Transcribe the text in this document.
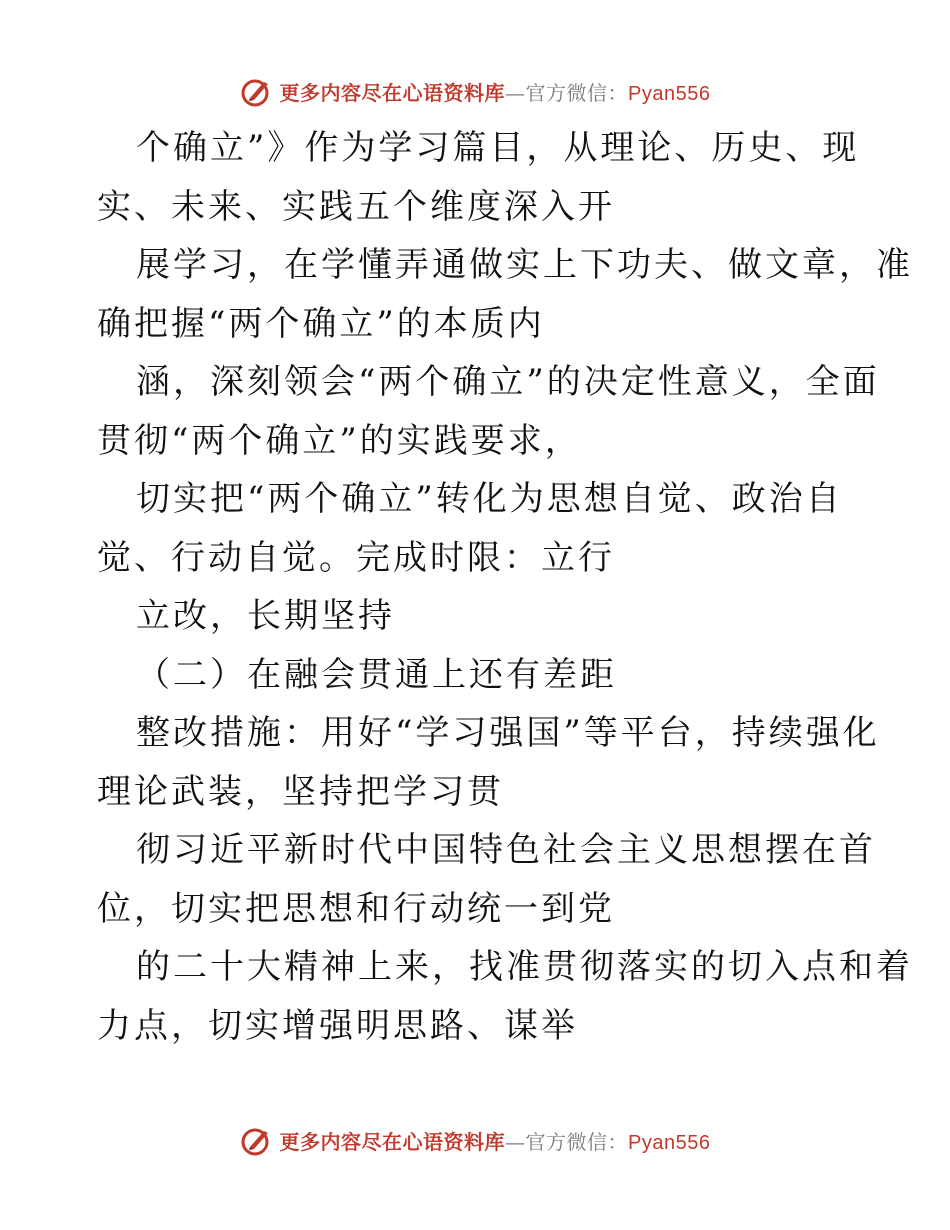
更多内容尽在心语资料库—官方微信：Pyan556
个确立”》作为学习篇目，从理论、历史、现
实、未来、实践五个维度深入开
展学习，在学懂弄通做实上下功夫、做文章，准
确把握“两个确立”的本质内
涵，深刻领会“两个确立”的决定性意义，全面
贯彻“两个确立”的实践要求，
切实把“两个确立”转化为思想自觉、政治自
觉、行动自觉。完成时限：立行
立改，长期坚持
（二）在融会贯通上还有差距
整改措施：用好“学习强国”等平台，持续强化
理论武装，坚持把学习贯
彻习近平新时代中国特色社会主义思想摆在首
位，切实把思想和行动统一到党
的二十大精神上来，找准贯彻落实的切入点和着
力点，切实增强明思路、谋举
更多内容尽在心语资料库—官方微信：Pyan556
